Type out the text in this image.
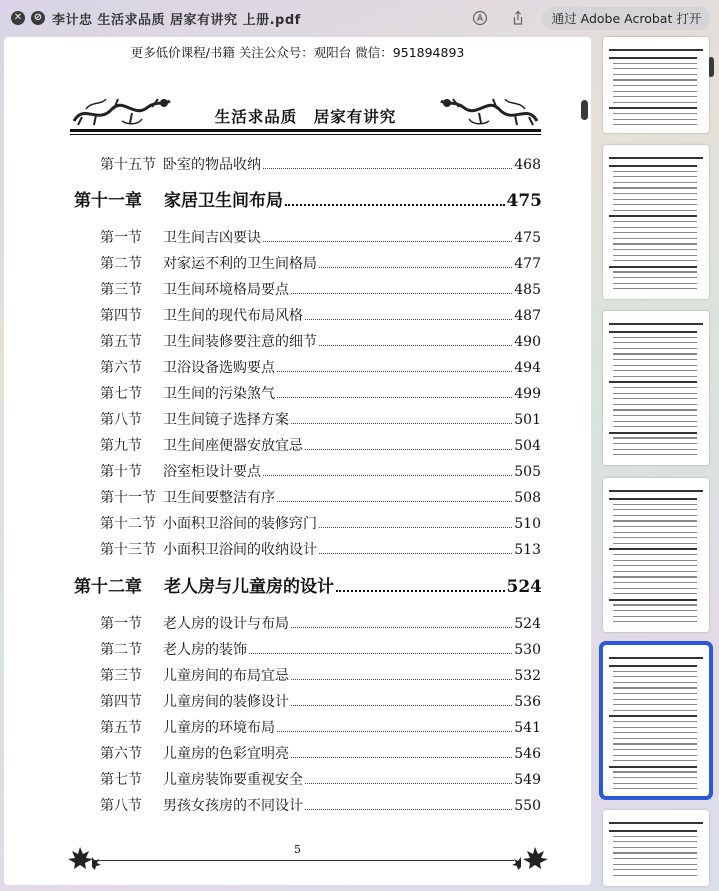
✕ ⊘ 李计忠 生活求品质 居家有讲究 上册.pdf	通过 Adobe Acrobat 打开
更多低价课程/书籍 关注公众号：观阳台 微信：951894893
生活求品质　居家有讲究
5
第十五节 卧室的物品收纳	468
第十一章	家居卫生间布局	475
第一节	卫生间吉凶要诀	475
第二节	对家运不利的卫生间格局	477
第三节	卫生间环境格局要点	485
第四节	卫生间的现代布局风格	487
第五节	卫生间装修要注意的细节	490
第六节	卫浴设备选购要点	494
第七节	卫生间的污染煞气	499
第八节	卫生间镜子选择方案	501
第九节	卫生间座便器安放宜忌	504
第十节	浴室柜设计要点	505
第十一节 卫生间要整洁有序	508
第十二节 小面积卫浴间的装修窍门	510
第十三节 小面积卫浴间的收纳设计	513
第十二章	老人房与儿童房的设计	524
第一节	老人房的设计与布局	524
第二节	老人房的装饰	530
第三节	儿童房间的布局宜忌	532
第四节	儿童房间的装修设计	536
第五节	儿童房的环境布局	541
第六节	儿童房的色彩宜明亮	546
第七节	儿童房装饰要重视安全	549
第八节	男孩女孩房的不同设计	550
